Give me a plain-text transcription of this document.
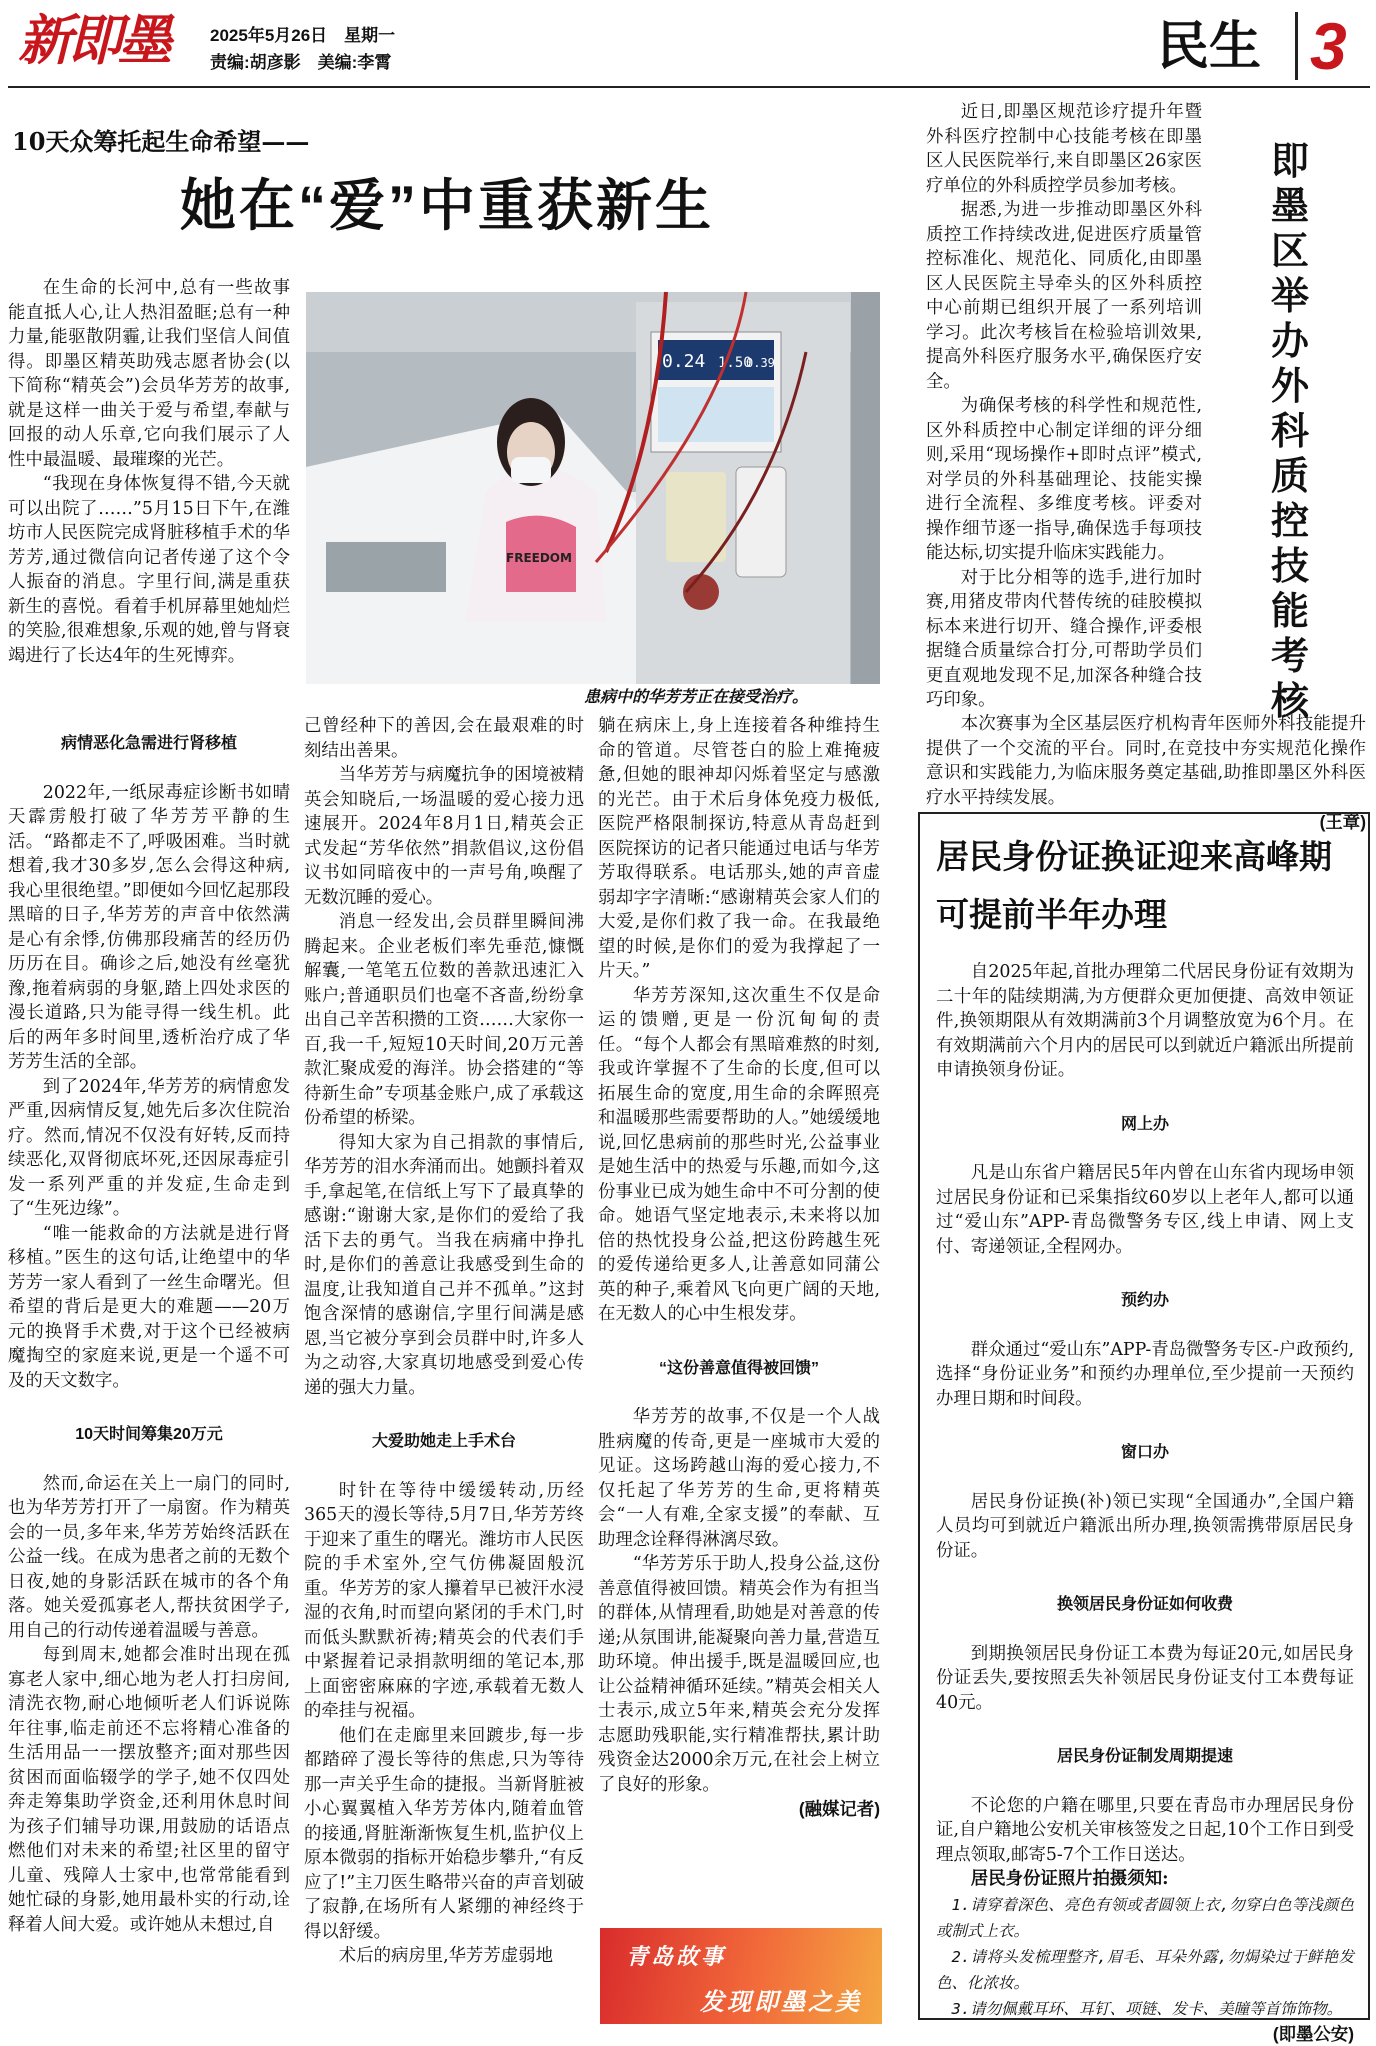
新即墨	2025年5月26日　星期一
责编:胡彦影　美编:李霄	民生 3
10天众筹托起生命希望——
她在“爱”中重获新生
0.24 1.50
0.39
FREEDOM
患病中的华芳芳正在接受治疗。

在生命的长河中,总有一些故事能直抵人心,让人热泪盈眶;总有一种力量,能驱散阴霾,让我们坚信人间值得。即墨区精英助残志愿者协会(以下简称“精英会”)会员华芳芳的故事,就是这样一曲关于爱与希望,奉献与回报的动人乐章,它向我们展示了人性中最温暖、最璀璨的光芒。

“我现在身体恢复得不错,今天就可以出院了……”5月15日下午,在潍坊市人民医院完成肾脏移植手术的华芳芳,通过微信向记者传递了这个令人振奋的消息。字里行间,满是重获新生的喜悦。看着手机屏幕里她灿烂的笑脸,很难想象,乐观的她,曾与肾衰竭进行了长达4年的生死博弈。

病情恶化急需进行肾移植

2022年,一纸尿毒症诊断书如晴天霹雳般打破了华芳芳平静的生活。“路都走不了,呼吸困难。当时就想着,我才30多岁,怎么会得这种病,我心里很绝望。”即便如今回忆起那段黑暗的日子,华芳芳的声音中依然满是心有余悸,仿佛那段痛苦的经历仍历历在目。确诊之后,她没有丝毫犹豫,拖着病弱的身躯,踏上四处求医的漫长道路,只为能寻得一线生机。此后的两年多时间里,透析治疗成了华芳芳生活的全部。

到了2024年,华芳芳的病情愈发严重,因病情反复,她先后多次住院治疗。然而,情况不仅没有好转,反而持续恶化,双肾彻底坏死,还因尿毒症引发一系列严重的并发症,生命走到了“生死边缘”。

“唯一能救命的方法就是进行肾移植。”医生的这句话,让绝望中的华芳芳一家人看到了一丝生命曙光。但希望的背后是更大的难题——20万元的换肾手术费,对于这个已经被病魔掏空的家庭来说,更是一个遥不可及的天文数字。

10天时间筹集20万元

然而,命运在关上一扇门的同时,也为华芳芳打开了一扇窗。作为精英会的一员,多年来,华芳芳始终活跃在公益一线。在成为患者之前的无数个日夜,她的身影活跃在城市的各个角落。她关爱孤寡老人,帮扶贫困学子,用自己的行动传递着温暖与善意。

每到周末,她都会准时出现在孤寡老人家中,细心地为老人打扫房间,清洗衣物,耐心地倾听老人们诉说陈年往事,临走前还不忘将精心准备的生活用品一一摆放整齐;面对那些因贫困而面临辍学的学子,她不仅四处奔走筹集助学资金,还利用休息时间为孩子们辅导功课,用鼓励的话语点燃他们对未来的希望;社区里的留守儿童、残障人士家中,也常常能看到她忙碌的身影,她用最朴实的行动,诠释着人间大爱。或许她从未想过,自

己曾经种下的善因,会在最艰难的时刻结出善果。

当华芳芳与病魔抗争的困境被精英会知晓后,一场温暖的爱心接力迅速展开。2024年8月1日,精英会正式发起“芳华依然”捐款倡议,这份倡议书如同暗夜中的一声号角,唤醒了无数沉睡的爱心。

消息一经发出,会员群里瞬间沸腾起来。企业老板们率先垂范,慷慨解囊,一笔笔五位数的善款迅速汇入账户;普通职员们也毫不吝啬,纷纷拿出自己辛苦积攒的工资……大家你一百,我一千,短短10天时间,20万元善款汇聚成爱的海洋。协会搭建的“等待新生命”专项基金账户,成了承载这份希望的桥梁。

得知大家为自己捐款的事情后,华芳芳的泪水奔涌而出。她颤抖着双手,拿起笔,在信纸上写下了最真挚的感谢:“谢谢大家,是你们的爱给了我活下去的勇气。当我在病痛中挣扎时,是你们的善意让我感受到生命的温度,让我知道自己并不孤单。”这封饱含深情的感谢信,字里行间满是感恩,当它被分享到会员群中时,许多人为之动容,大家真切地感受到爱心传递的强大力量。

大爱助她走上手术台

时针在等待中缓缓转动,历经365天的漫长等待,5月7日,华芳芳终于迎来了重生的曙光。潍坊市人民医院的手术室外,空气仿佛凝固般沉重。华芳芳的家人攥着早已被汗水浸湿的衣角,时而望向紧闭的手术门,时而低头默默祈祷;精英会的代表们手中紧握着记录捐款明细的笔记本,那上面密密麻麻的字迹,承载着无数人的牵挂与祝福。

他们在走廊里来回踱步,每一步都踏碎了漫长等待的焦虑,只为等待那一声关乎生命的捷报。当新肾脏被小心翼翼植入华芳芳体内,随着血管的接通,肾脏渐渐恢复生机,监护仪上原本微弱的指标开始稳步攀升,“有反应了!”主刀医生略带兴奋的声音划破了寂静,在场所有人紧绷的神经终于得以舒缓。

术后的病房里,华芳芳虚弱地

躺在病床上,身上连接着各种维持生命的管道。尽管苍白的脸上难掩疲惫,但她的眼神却闪烁着坚定与感激的光芒。由于术后身体免疫力极低,医院严格限制探访,特意从青岛赶到医院探访的记者只能通过电话与华芳芳取得联系。电话那头,她的声音虚弱却字字清晰:“感谢精英会家人们的大爱,是你们救了我一命。在我最绝望的时候,是你们的爱为我撑起了一片天。”

华芳芳深知,这次重生不仅是命运的馈赠,更是一份沉甸甸的责任。“每个人都会有黑暗难熬的时刻,我或许掌握不了生命的长度,但可以拓展生命的宽度,用生命的余晖照亮和温暖那些需要帮助的人。”她缓缓地说,回忆患病前的那些时光,公益事业是她生活中的热爱与乐趣,而如今,这份事业已成为她生命中不可分割的使命。她语气坚定地表示,未来将以加倍的热忱投身公益,把这份跨越生死的爱传递给更多人,让善意如同蒲公英的种子,乘着风飞向更广阔的天地,在无数人的心中生根发芽。

“这份善意值得被回馈”

华芳芳的故事,不仅是一个人战胜病魔的传奇,更是一座城市大爱的见证。这场跨越山海的爱心接力,不仅托起了华芳芳的生命,更将精英会“一人有难,全家支援”的奉献、互助理念诠释得淋漓尽致。

“华芳芳乐于助人,投身公益,这份善意值得被回馈。精英会作为有担当的群体,从情理看,助她是对善意的传递;从氛围讲,能凝聚向善力量,营造互助环境。伸出援手,既是温暖回应,也让公益精神循环延续。”精英会相关人士表示,成立5年来,精英会充分发挥志愿助残职能,实行精准帮扶,累计助残资金达2000余万元,在社会上树立了良好的形象。

(融媒记者)

青岛故事
发现即墨之美
即墨区举办外科质控技能考核

近日,即墨区规范诊疗提升年暨外科医疗控制中心技能考核在即墨区人民医院举行,来自即墨区26家医疗单位的外科质控学员参加考核。

据悉,为进一步推动即墨区外科质控工作持续改进,促进医疗质量管控标准化、规范化、同质化,由即墨区人民医院主导牵头的区外科质控中心前期已组织开展了一系列培训学习。此次考核旨在检验培训效果,提高外科医疗服务水平,确保医疗安全。

为确保考核的科学性和规范性,区外科质控中心制定详细的评分细则,采用“现场操作+即时点评”模式,对学员的外科基础理论、技能实操进行全流程、多维度考核。评委对操作细节逐一指导,确保选手每项技能达标,切实提升临床实践能力。

对于比分相等的选手,进行加时赛,用猪皮带肉代替传统的硅胶模拟标本来进行切开、缝合操作,评委根据缝合质量综合打分,可帮助学员们更直观地发现不足,加深各种缝合技巧印象。

本次赛事为全区基层医疗机构青年医师外科技能提升提供了一个交流的平台。同时,在竞技中夯实规范化操作意识和实践能力,为临床服务奠定基础,助推即墨区外科医疗水平持续发展。

(王章)

居民身份证换证迎来高峰期可提前半年办理

自2025年起,首批办理第二代居民身份证有效期为二十年的陆续期满,为方便群众更加便捷、高效申领证件,换领期限从有效期满前3个月调整放宽为6个月。在有效期满前六个月内的居民可以到就近户籍派出所提前申请换领身份证。

网上办

凡是山东省户籍居民5年内曾在山东省内现场申领过居民身份证和已采集指纹60岁以上老年人,都可以通过“爱山东”APP-青岛微警务专区,线上申请、网上支付、寄递领证,全程网办。

预约办

群众通过“爱山东”APP-青岛微警务专区-户政预约,选择“身份证业务”和预约办理单位,至少提前一天预约办理日期和时间段。

窗口办

居民身份证换(补)领已实现“全国通办”,全国户籍人员均可到就近户籍派出所办理,换领需携带原居民身份证。

换领居民身份证如何收费

到期换领居民身份证工本费为每证20元,如居民身份证丢失,要按照丢失补领居民身份证支付工本费每证40元。

居民身份证制发周期提速

不论您的户籍在哪里,只要在青岛市办理居民身份证,自户籍地公安机关审核签发之日起,10个工作日到受理点领取,邮寄5-7个工作日送达。

居民身份证照片拍摄须知:

1.请穿着深色、亮色有领或者圆领上衣,勿穿白色等浅颜色或制式上衣。

2.请将头发梳理整齐,眉毛、耳朵外露,勿焗染过于鲜艳发色、化浓妆。

3.请勿佩戴耳环、耳钉、项链、发卡、美瞳等首饰饰物。

(即墨公安)
